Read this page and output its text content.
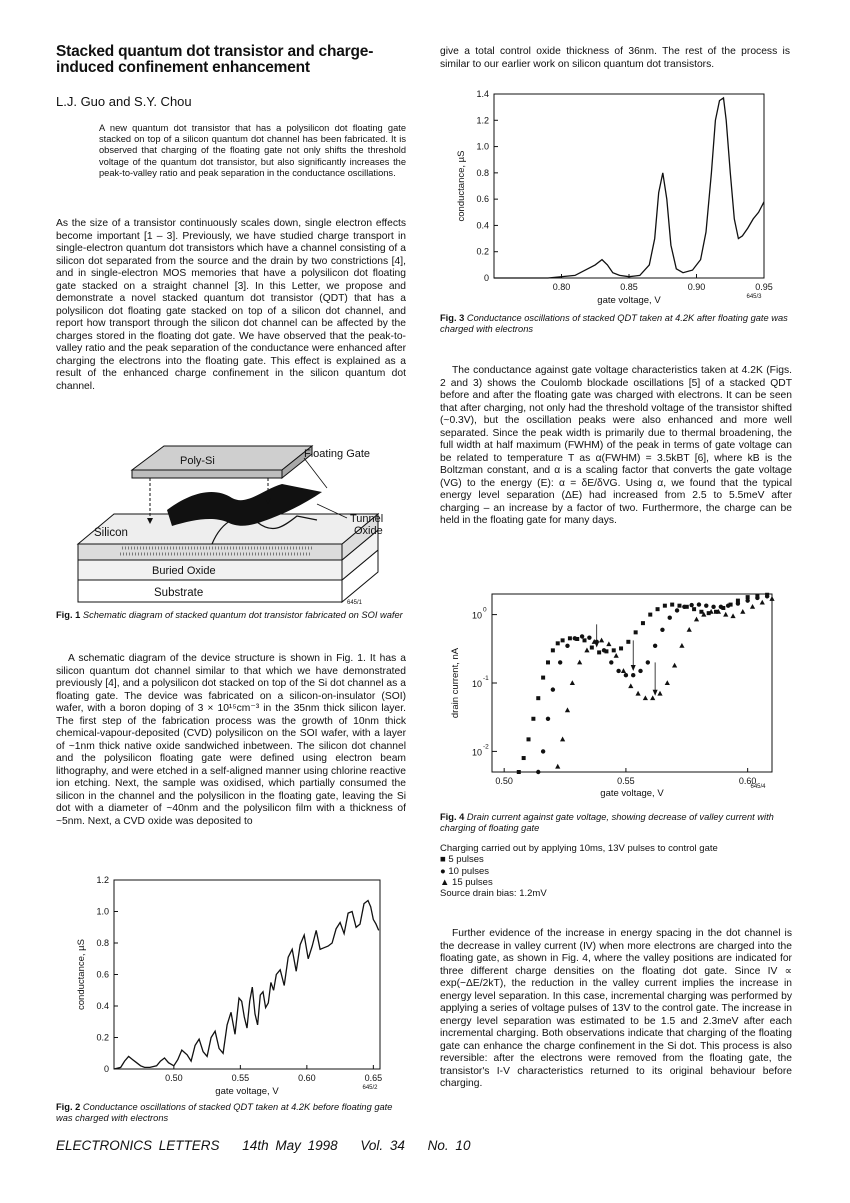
Stacked quantum dot transistor and charge-induced confinement enhancement
L.J. Guo and S.Y. Chou
A new quantum dot transistor that has a polysilicon dot floating gate stacked on top of a silicon quantum dot channel has been fabricated. It is observed that charging of the floating gate not only shifts the threshold voltage of the quantum dot transistor, but also significantly increases the peak-to-valley ratio and peak separation in the conductance oscillations.

As the size of a transistor continuously scales down, single electron effects become important [1 – 3]. Previously, we have studied charge transport in single-electron quantum dot transistors which have a channel consisting of a silicon dot separated from the source and the drain by two constrictions [4], and in single-electron MOS memories that have a polysilicon dot floating gate stacked on a straight channel [3]. In this Letter, we propose and demonstrate a novel stacked quantum dot transistor (QDT) that has a polysilicon dot floating gate stacked on top of a silicon dot channel, and report how transport through the silicon dot channel can be affected by the charges stored in the floating dot gate. We have observed that the peak-to-valley ratio and the peak separation of the conductance were enhanced after charging the electrons into the floating gate. This effect is explained as a result of the enhanced charge confinement in the silicon quantum dot channel.

Poly-Si
Floating Gate
Silicon
Tunnel
Oxide
Buried Oxide
Substrate
645/1
Fig. 1 Schematic diagram of stacked quantum dot transistor fabricated on SOI wafer

A schematic diagram of the device structure is shown in Fig. 1. It has a silicon quantum dot channel similar to that which we have demonstrated previously [4], and a polysilicon dot stacked on top of the Si dot channel as a floating gate. The device was fabricated on a silicon-on-insulator (SOI) wafer, with a boron doping of 3 × 10¹⁵cm⁻³ in the 35nm thick silicon layer. The first step of the fabrication process was the growth of 10nm thick chemical-vapour-deposited (CVD) polysilicon on the SOI wafer, with a layer of ~1nm thick native oxide sandwiched inbetween. The silicon dot channel and the polysilicon floating gate were defined using electron beam lithography, and were etched in a self-aligned manner using chlorine reactive ion etching. Next, the sample was oxidised, which partially consumed the silicon in the channel and the polysilicon in the floating gate, leaving the Si dot with a diameter of ~40nm and the polysilicon film with a thickness of ~5nm. Next, a CVD oxide was deposited to

0
0.2
0.4
0.6
0.8
1.0
1.2
0.50	0.55	0.60	0.65
gate voltage, V
conductance, µS
645/2
Fig. 2 Conductance oscillations of stacked QDT taken at 4.2K before floating gate was charged with electrons

give a total control oxide thickness of 36nm. The rest of the process is similar to our earlier work on silicon quantum dot transistors.

0
0.2
0.4
0.6
0.8
1.0
1.2
1.4
0.80	0.85	0.90	0.95
gate voltage, V
conductance, µS
645/3
Fig. 3 Conductance oscillations of stacked QDT taken at 4.2K after floating gate was charged with electrons

The conductance against gate voltage characteristics taken at 4.2K (Figs. 2 and 3) shows the Coulomb blockade oscillations [5] of a stacked QDT before and after the floating gate was charged with electrons. It can be seen that after charging, not only had the threshold voltage of the transistor shifted (~0.3V), but the oscillation peaks were also enhanced and more well separated. Since the peak width is primarily due to thermal broadening, the full width at half maximum (FWHM) of the peak in terms of gate voltage can be related to temperature T as α(FWHM) = 3.5kBT [6], where kB is the Boltzman constant, and α is a scaling factor that converts the gate voltage (VG) to the energy (E): α = δE/δVG. Using α, we found that the typical energy level separation (ΔE) had increased from 2.5 to 5.5meV after charging – an increase by a factor of two. Furthermore, the charge can be held in the floating gate for many days.

10
0
10
-1
10
-2
0.50	0.55	0.60
gate voltage, V
drain current, nA
645/4
Fig. 4 Drain current against gate voltage, showing decrease of valley current with charging of floating gate
Charging carried out by applying 10ms, 13V pulses to control gate
■ 5 pulses
● 10 pulses
▲ 15 pulses
Source drain bias: 1.2mV

Further evidence of the increase in energy spacing in the dot channel is the decrease in valley current (IV) when more electrons are charged into the floating gate, as shown in Fig. 4, where the valley positions are indicated for three different charge densities on the floating dot gate. Since IV ∝ exp(−ΔE/2kT), the reduction in the valley current implies the increase in energy level separation. In this case, incremental charging was performed by applying a series of voltage pulses of 13V to the control gate. The increase in energy level separation was estimated to be 1.5 and 2.3meV after each incremental charging. Both observations indicate that charging of the floating gate can enhance the charge confinement in the Si dot. This process is also reversible: after the electrons were removed from the floating gate, the transistor's I-V characteristics returned to its original behaviour before charging.

ELECTRONICS LETTERS 14th May 1998 Vol. 34 No. 10
